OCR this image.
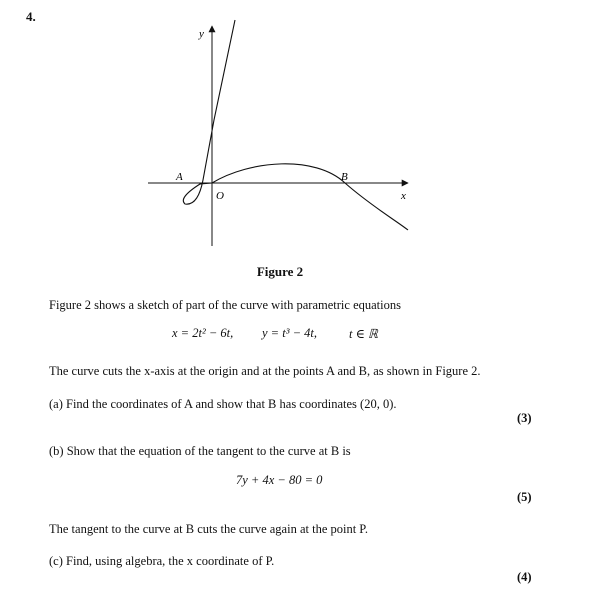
4.
y
x
O
A	B
Figure 2
Figure 2 shows a sketch of part of the curve with parametric equations
x = 2t² − 6t, y = t³ − 4t,	t ∈ ℝ
The curve cuts the x-axis at the origin and at the points A and B, as shown in Figure 2.
(a) Find the coordinates of A and show that B has coordinates (20, 0).
(3)
(b) Show that the equation of the tangent to the curve at B is
7y + 4x − 80 = 0
(5)
The tangent to the curve at B cuts the curve again at the point P.
(c) Find, using algebra, the x coordinate of P.
(4)
